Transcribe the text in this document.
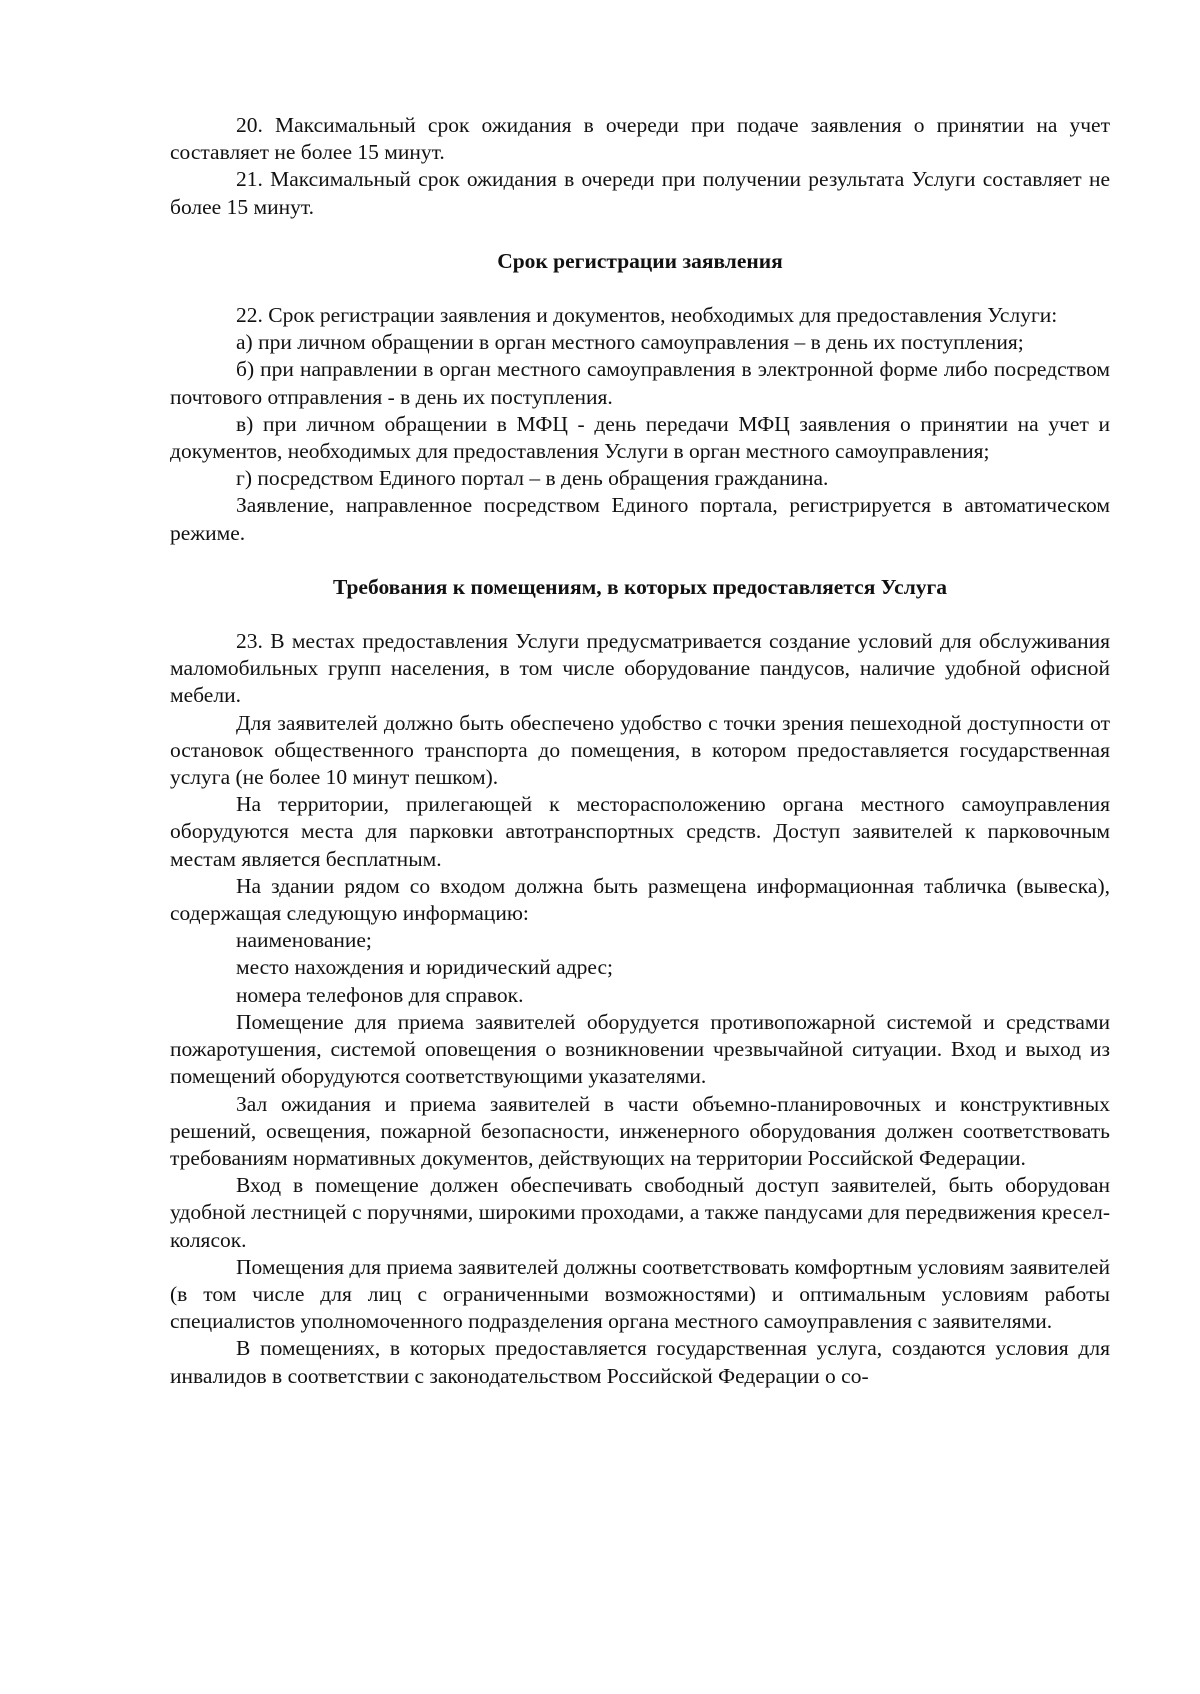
20. Максимальный срок ожидания в очереди при подаче заявления о принятии на учет составляет не более 15 минут.

21. Максимальный срок ожидания в очереди при получении результата Услуги составляет не более 15 минут.

Срок регистрации заявления

22. Срок регистрации заявления и документов, необходимых для предоставления Услуги:

а) при личном обращении в орган местного самоуправления – в день их поступления;

б) при направлении в орган местного самоуправления в электронной форме либо посредством почтового отправления - в день их поступления.

в) при личном обращении в МФЦ - день передачи МФЦ заявления о принятии на учет и документов, необходимых для предоставления Услуги в орган местного самоуправления;

г) посредством Единого портал – в день обращения гражданина.

Заявление, направленное посредством Единого портала, регистрируется в автоматическом режиме.

Требования к помещениям, в которых предоставляется Услуга

23. В местах предоставления Услуги предусматривается создание условий для обслуживания маломобильных групп населения, в том числе оборудование пандусов, наличие удобной офисной мебели.

Для заявителей должно быть обеспечено удобство с точки зрения пешеходной доступности от остановок общественного транспорта до помещения, в котором предоставляется государственная услуга (не более 10 минут пешком).

На территории, прилегающей к месторасположению органа местного самоуправления оборудуются места для парковки автотранспортных средств. Доступ заявителей к парковочным местам является бесплатным.

На здании рядом со входом должна быть размещена информационная табличка (вывеска), содержащая следующую информацию:

наименование;

место нахождения и юридический адрес;

номера телефонов для справок.

Помещение для приема заявителей оборудуется противопожарной системой и средствами пожаротушения, системой оповещения о возникновении чрезвычайной ситуации. Вход и выход из помещений оборудуются соответствующими указателями.

Зал ожидания и приема заявителей в части объемно-планировочных и конструктивных решений, освещения, пожарной безопасности, инженерного оборудования должен соответствовать требованиям нормативных документов, действующих на территории Российской Федерации.

Вход в помещение должен обеспечивать свободный доступ заявителей, быть оборудован удобной лестницей с поручнями, широкими проходами, а также пандусами для передвижения кресел-колясок.

Помещения для приема заявителей должны соответствовать комфортным условиям заявителей (в том числе для лиц с ограниченными возможностями) и оптимальным условиям работы специалистов уполномоченного подразделения органа местного самоуправления с заявителями.

В помещениях, в которых предоставляется государственная услуга, создаются условия для инвалидов в соответствии с законодательством Российской Федерации о со-
